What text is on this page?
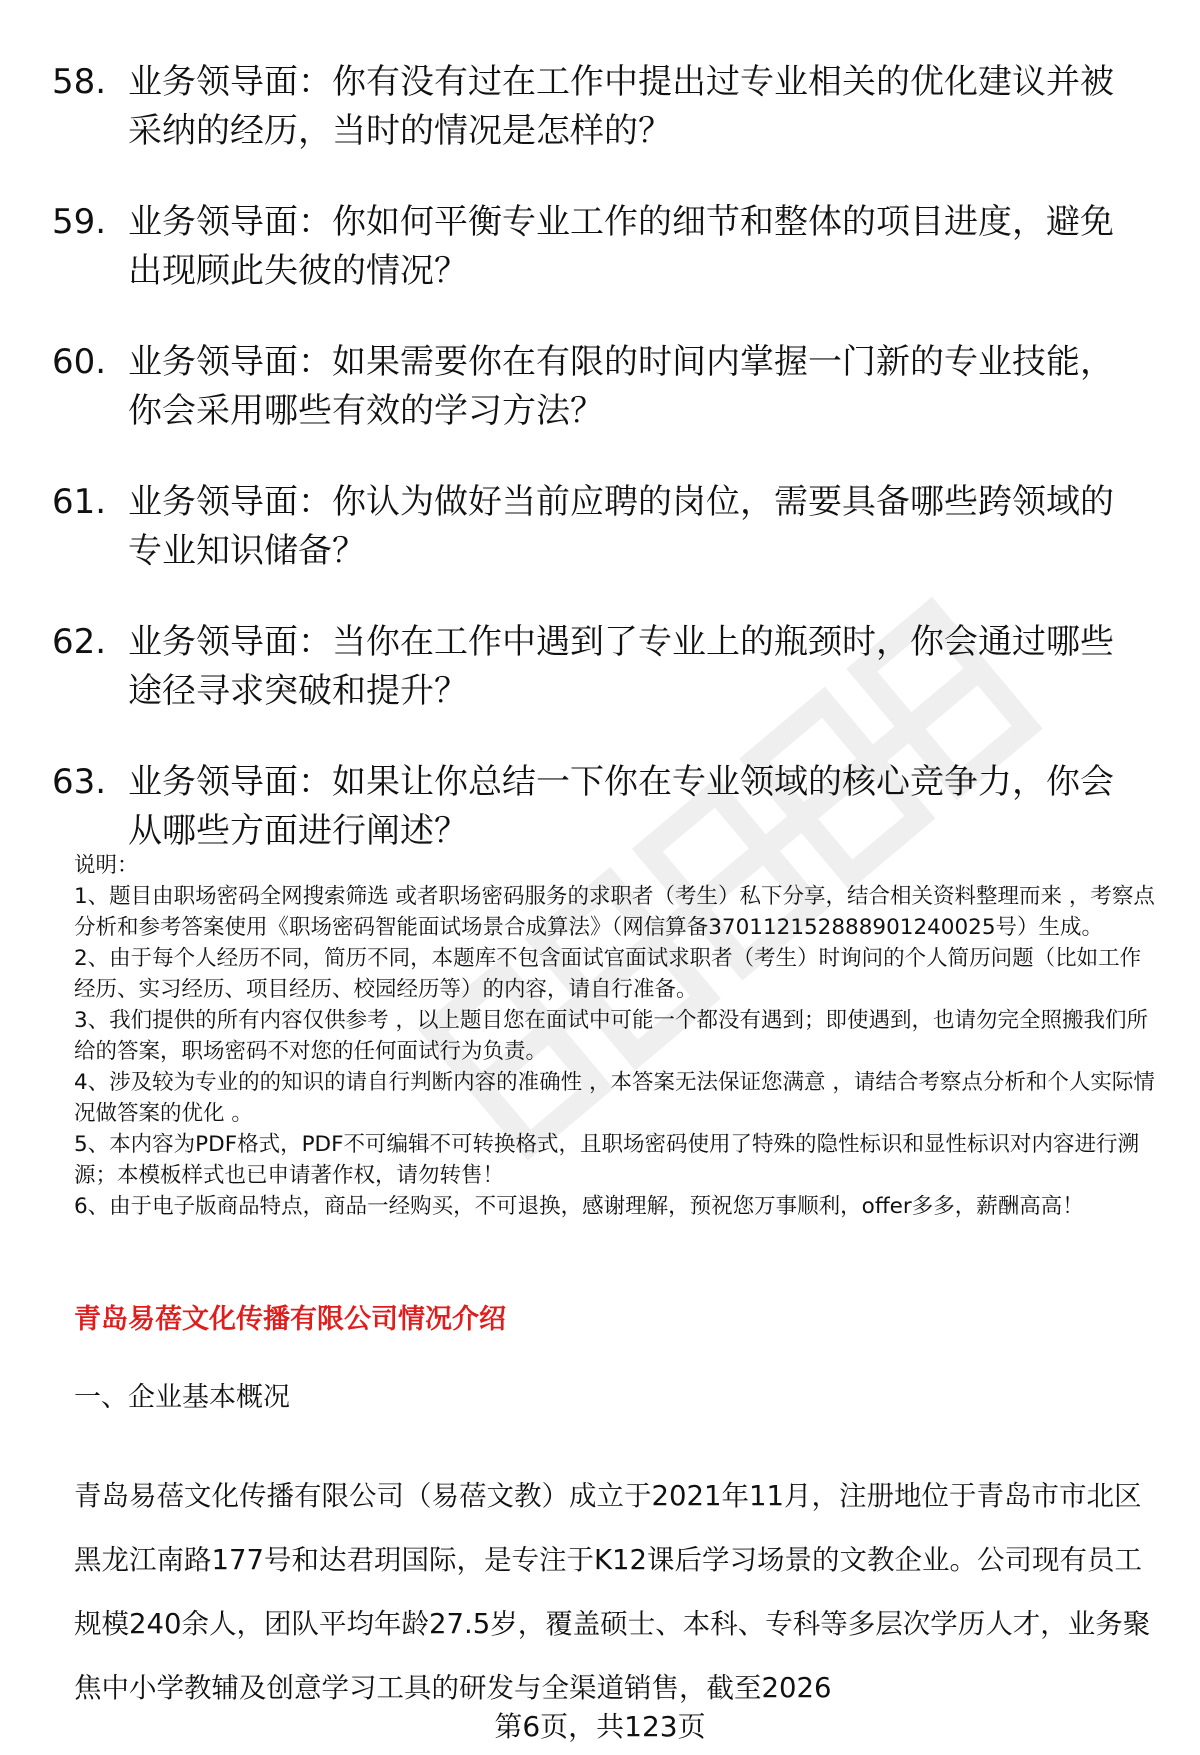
58. 业务领导面：你有没有过在工作中提出过专业相关的优化建议并被采纳的经历，当时的情况是怎样的？
59. 业务领导面：你如何平衡专业工作的细节和整体的项目进度，避免出现顾此失彼的情况？
60. 业务领导面：如果需要你在有限的时间内掌握一门新的专业技能，你会采用哪些有效的学习方法？
61. 业务领导面：你认为做好当前应聘的岗位，需要具备哪些跨领域的专业知识储备？
62. 业务领导面：当你在工作中遇到了专业上的瓶颈时，你会通过哪些途径寻求突破和提升？
63. 业务领导面：如果让你总结一下你在专业领域的核心竞争力，你会从哪些方面进行阐述？

说明：

1、题目由职场密码全网搜索筛选 或者职场密码服务的求职者（考生）私下分享，结合相关资料整理而来 ，考察点分析和参考答案使用《职场密码智能面试场景合成算法》（网信算备370112152888901240025号）生成。

2、由于每个人经历不同，简历不同，本题库不包含面试官面试求职者（考生）时询问的个人简历问题（比如工作经历、实习经历、项目经历、校园经历等）的内容，请自行准备。

3、我们提供的所有内容仅供参考 ，以上题目您在面试中可能一个都没有遇到；即使遇到，也请勿完全照搬我们所给的答案，职场密码不对您的任何面试行为负责。

4、涉及较为专业的的知识的请自行判断内容的准确性 ，本答案无法保证您满意 ，请结合考察点分析和个人实际情况做答案的优化 。

5、本内容为PDF格式，PDF不可编辑不可转换格式，且职场密码使用了特殊的隐性标识和显性标识对内容进行溯源；本模板样式也已申请著作权，请勿转售！

6、由于电子版商品特点，商品一经购买，不可退换，感谢理解，预祝您万事顺利，offer多多，薪酬高高！

青岛易蓓文化传播有限公司情况介绍
一、企业基本概况
青岛易蓓文化传播有限公司（易蓓文教）成立于2021年11月，注册地位于青岛市市北区黑龙江南路177号和达君玥国际，是专注于K12课后学习场景的文教企业。公司现有员工规模240余人，团队平均年龄27.5岁，覆盖硕士、本科、专科等多层次学历人才，业务聚焦中小学教辅及创意学习工具的研发与全渠道销售，截至2026
第6页，共123页
